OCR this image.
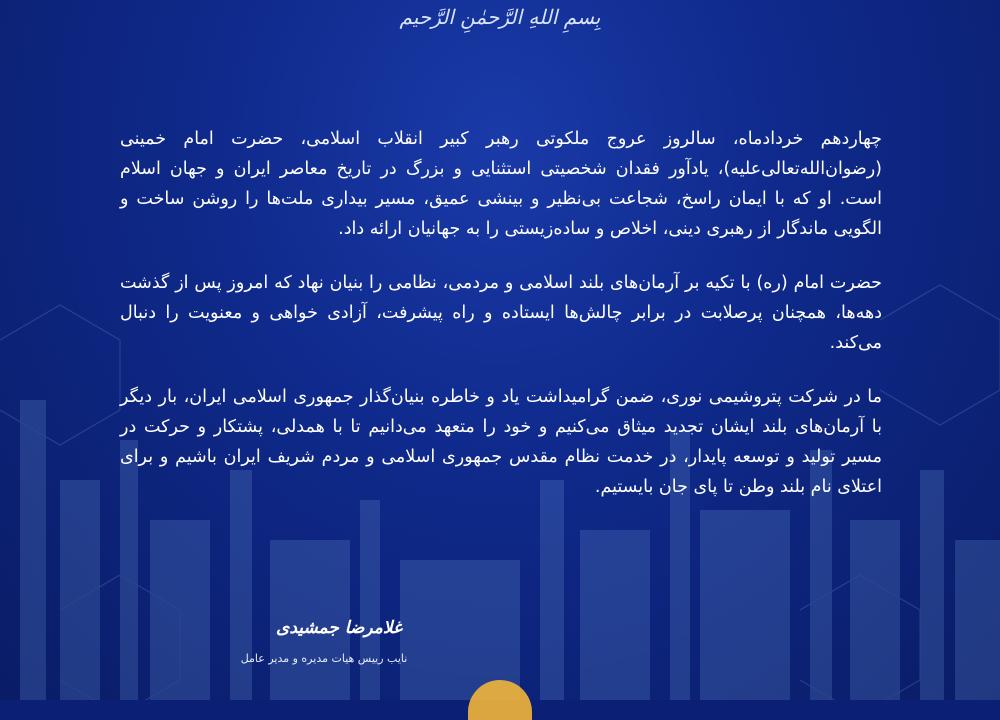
بِسمِ اللهِ الرَّحمٰنِ الرَّحیم

چهاردهم خردادماه، سالروز عروج ملکوتی رهبر کبیر انقلاب اسلامی، حضرت امام خمینی (رضوان‌الله‌تعالی‌علیه)، یادآور فقدان شخصیتی استثنایی و بزرگ در تاریخ معاصر ایران و جهان اسلام است. او که با ایمان راسخ، شجاعت بی‌نظیر و بینشی عمیق، مسیر بیداری ملت‌ها را روشن ساخت و الگویی ماندگار از رهبری دینی، اخلاص و ساده‌زیستی را به جهانیان ارائه داد.

حضرت امام (ره) با تکیه بر آرمان‌های بلند اسلامی و مردمی، نظامی را بنیان نهاد که امروز پس از گذشت دهه‌ها، همچنان پرصلابت در برابر چالش‌ها ایستاده و راه پیشرفت، آزادی خواهی و معنویت را دنبال می‌کند.

ما در شرکت پتروشیمی نوری، ضمن گرامیداشت یاد و خاطره بنیان‌گذار جمهوری اسلامی ایران، بار دیگر با آرمان‌های بلند ایشان تجدید میثاق می‌کنیم و خود را متعهد می‌دانیم تا با همدلی، پشتکار و حرکت در مسیر تولید و توسعه پایدار، در خدمت نظام مقدس جمهوری اسلامی و مردم شریف ایران باشیم و برای اعتلای نام بلند وطن تا پای جان بایستیم.

غلامرضا جمشیدی
نایب رییس هیات مدیره و مدیر عامل
